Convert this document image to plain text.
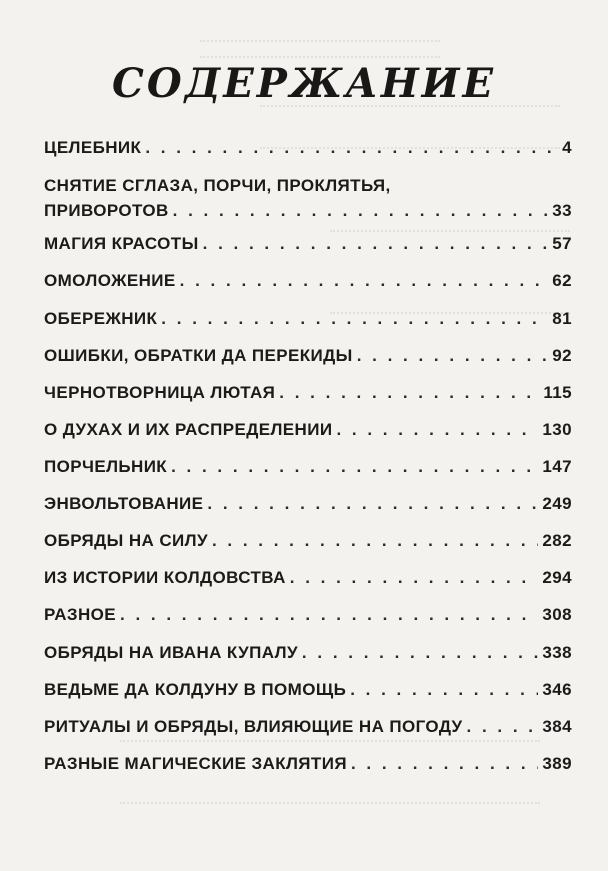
СОДЕРЖАНИЕ
ЦЕЛЕБНИК . . .	4
СНЯТИЕ СГЛАЗА, ПОРЧИ, ПРОКЛЯТЬЯ,
ПРИВОРОТОВ . . .	33
МАГИЯ КРАСОТЫ . . .	57
ОМОЛОЖЕНИЕ . . .	62
ОБЕРЕЖНИК . . .	81
ОШИБКИ, ОБРАТКИ ДА ПЕРЕКИДЫ . . .	92
ЧЕРНОТВОРНИЦА ЛЮТАЯ . . .	115
О ДУХАХ И ИХ РАСПРЕДЕЛЕНИИ . . .	130
ПОРЧЕЛЬНИК . . .	147
ЭНВОЛЬТОВАНИЕ . . .	249
ОБРЯДЫ НА СИЛУ . . .	282
ИЗ ИСТОРИИ КОЛДОВСТВА . . .	294
РАЗНОЕ . . .	308
ОБРЯДЫ НА ИВАНА КУПАЛУ . . .	338
ВЕДЬМЕ ДА КОЛДУНУ В ПОМОЩЬ . . .	346
РИТУАЛЫ И ОБРЯДЫ, ВЛИЯЮЩИЕ НА ПОГОДУ . . .	384
РАЗНЫЕ МАГИЧЕСКИЕ ЗАКЛЯТИЯ . . .	389
